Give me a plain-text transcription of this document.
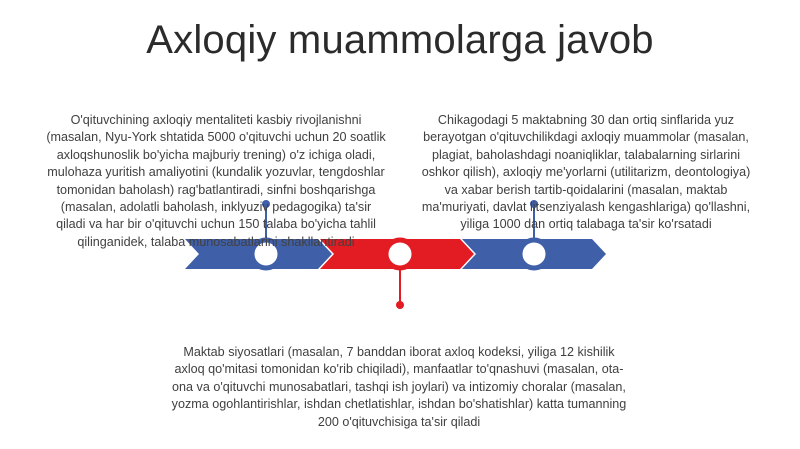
Axloqiy muammolarga javob
O'qituvchining axloqiy mentaliteti kasbiy rivojlanishni (masalan, Nyu-York shtatida 5000 o'qituvchi uchun 20 soatlik axloqshunoslik bo'yicha majburiy trening) o'z ichiga oladi, mulohaza yuritish amaliyotini (kundalik yozuvlar, tengdoshlar tomonidan baholash) rag'batlantiradi, sinfni boshqarishga (masalan, adolatli baholash, inklyuziv pedagogika) ta'sir qiladi va har bir o'qituvchi uchun 150 talaba bo'yicha tahlil qilinganidek, talaba munosabatlarini shakllantiradi
Chikagodagi 5 maktabning 30 dan ortiq sinflarida yuz berayotgan o'qituvchilikdagi axloqiy muammolar (masalan, plagiat, baholashdagi noaniqliklar, talabalarning sirlarini oshkor qilish), axloqiy me'yorlarni (utilitarizm, deontologiya) va xabar berish tartib-qoidalarini (masalan, maktab ma'muriyati, davlat litsenziyalash kengashlariga) qo'llashni, yiliga 1000 dan ortiq talabaga ta'sir ko'rsatadi
Maktab siyosatlari (masalan, 7 banddan iborat axloq kodeksi, yiliga 12 kishilik axloq qo'mitasi tomonidan ko'rib chiqiladi), manfaatlar to'qnashuvi (masalan, ota-ona va o'qituvchi munosabatlari, tashqi ish joylari) va intizomiy choralar (masalan, yozma ogohlantirishlar, ishdan chetlatishlar, ishdan bo'shatishlar) katta tumanning 200 o'qituvchisiga ta'sir qiladi
